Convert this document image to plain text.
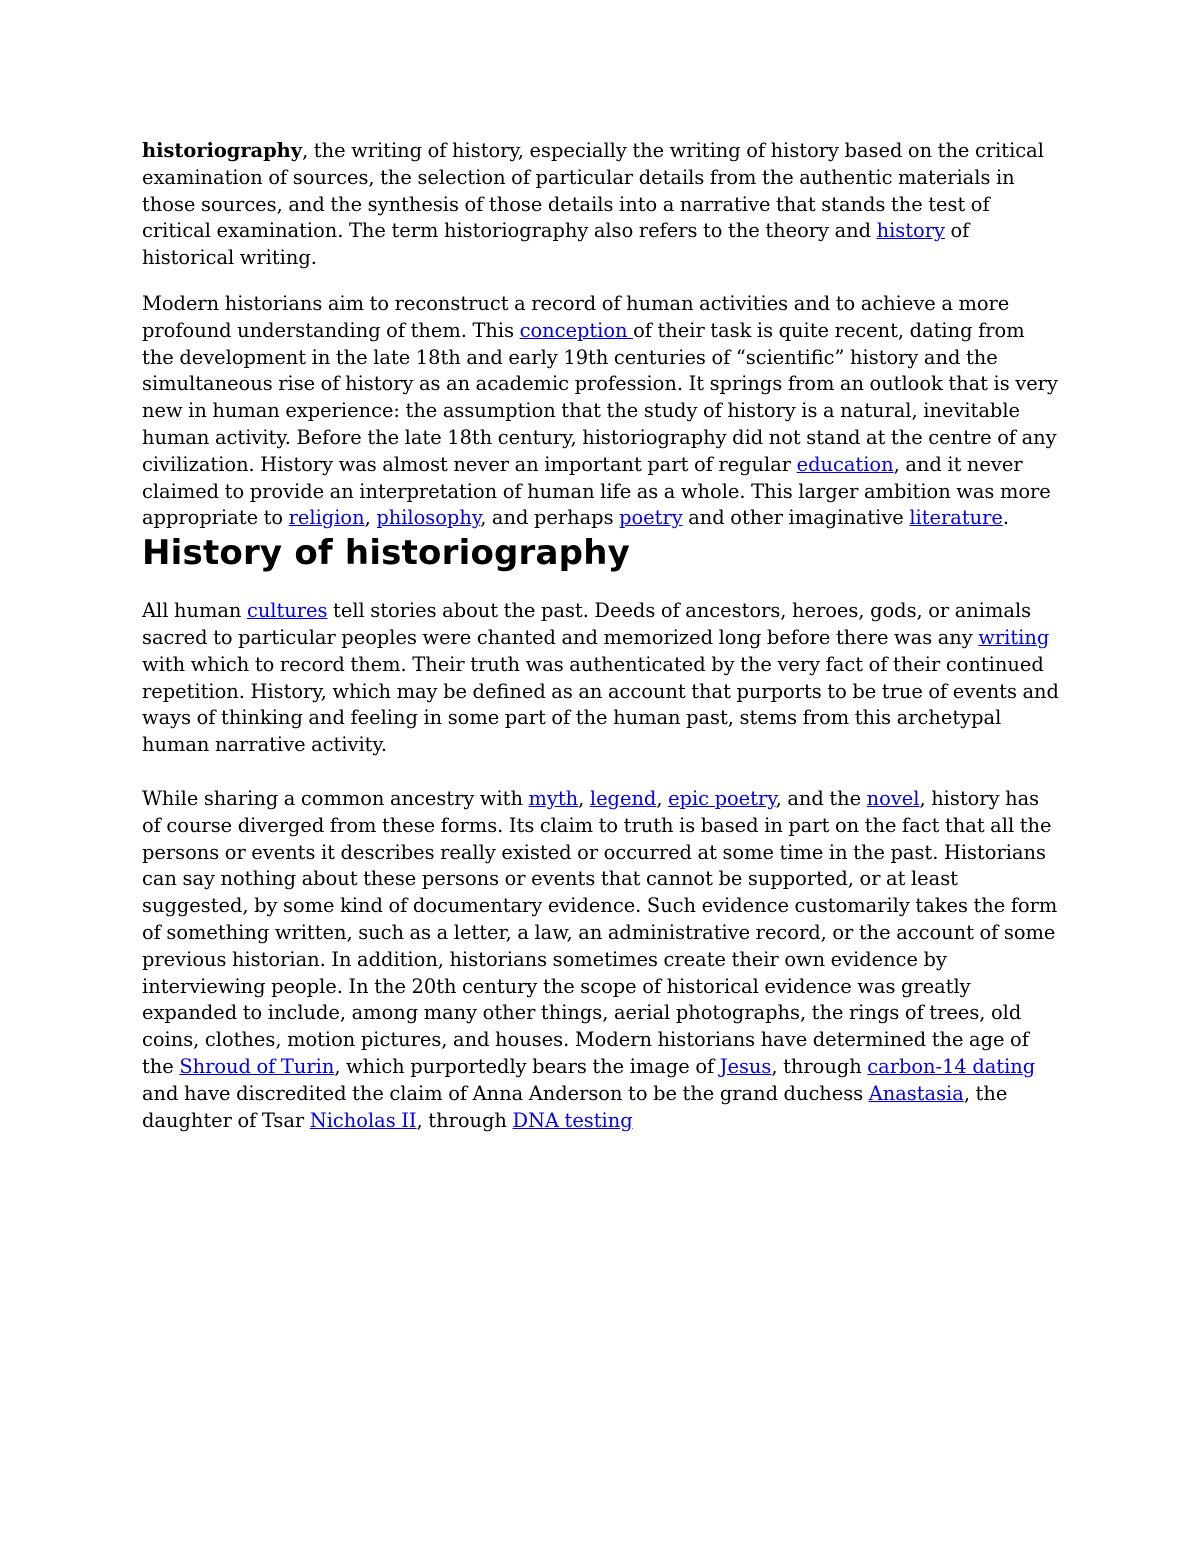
historiography, the writing of history, especially the writing of history based on the critical examination of sources, the selection of particular details from the authentic materials in those sources, and the synthesis of those details into a narrative that stands the test of critical examination. The term historiography also refers to the theory and history of historical writing.

Modern historians aim to reconstruct a record of human activities and to achieve a more profound understanding of them. This conception of their task is quite recent, dating from the development in the late 18th and early 19th centuries of “scientific” history and the simultaneous rise of history as an academic profession. It springs from an outlook that is very new in human experience: the assumption that the study of history is a natural, inevitable human activity. Before the late 18th century, historiography did not stand at the centre of any civilization. History was almost never an important part of regular education, and it never claimed to provide an interpretation of human life as a whole. This larger ambition was more appropriate to religion, philosophy, and perhaps poetry and other imaginative literature.

History of historiography

All human cultures tell stories about the past. Deeds of ancestors, heroes, gods, or animals sacred to particular peoples were chanted and memorized long before there was any writing with which to record them. Their truth was authenticated by the very fact of their continued repetition. History, which may be defined as an account that purports to be true of events and ways of thinking and feeling in some part of the human past, stems from this archetypal human narrative activity.

While sharing a common ancestry with myth, legend, epic poetry, and the novel, history has of course diverged from these forms. Its claim to truth is based in part on the fact that all the persons or events it describes really existed or occurred at some time in the past. Historians can say nothing about these persons or events that cannot be supported, or at least suggested, by some kind of documentary evidence. Such evidence customarily takes the form of something written, such as a letter, a law, an administrative record, or the account of some previous historian. In addition, historians sometimes create their own evidence by interviewing people. In the 20th century the scope of historical evidence was greatly expanded to include, among many other things, aerial photographs, the rings of trees, old coins, clothes, motion pictures, and houses. Modern historians have determined the age of the Shroud of Turin, which purportedly bears the image of Jesus, through carbon-14 dating and have discredited the claim of Anna Anderson to be the grand duchess Anastasia, the daughter of Tsar Nicholas II, through DNA testing
